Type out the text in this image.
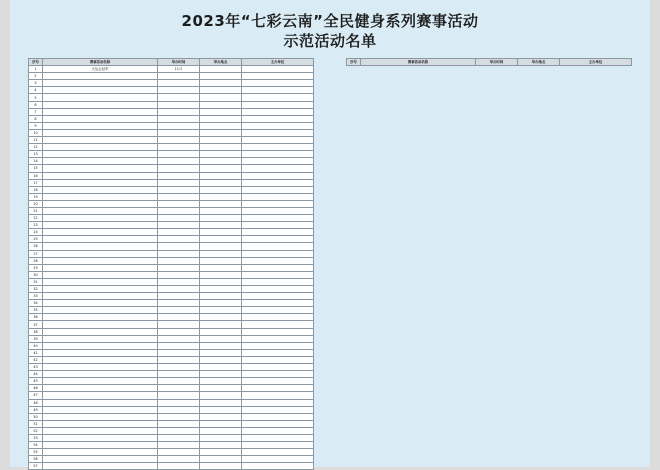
2023年“七彩云南”全民健身系列赛事活动
示范活动名单
序号	赛事活动名称	举办时间	举办地点	主办单位
1	大运会冠军	11月		
2				
3				
4				
5				
6				
7				
8				
9				
10				
11				
12				
13				
14				
15				
16				
17				
18				
19				
20				
21				
22				
23				
24				
25				
26				
27				
28				
29				
30				
31				
32				
33				
34				
35				
36				
37				
38				
39				
40				
41				
42				
43				
44				
45				
46				
47				
48				
49				
50				
51				
52				
53				
54				
55				
56				
57				
序号	赛事活动名称	举办时间	举办地点	主办单位
